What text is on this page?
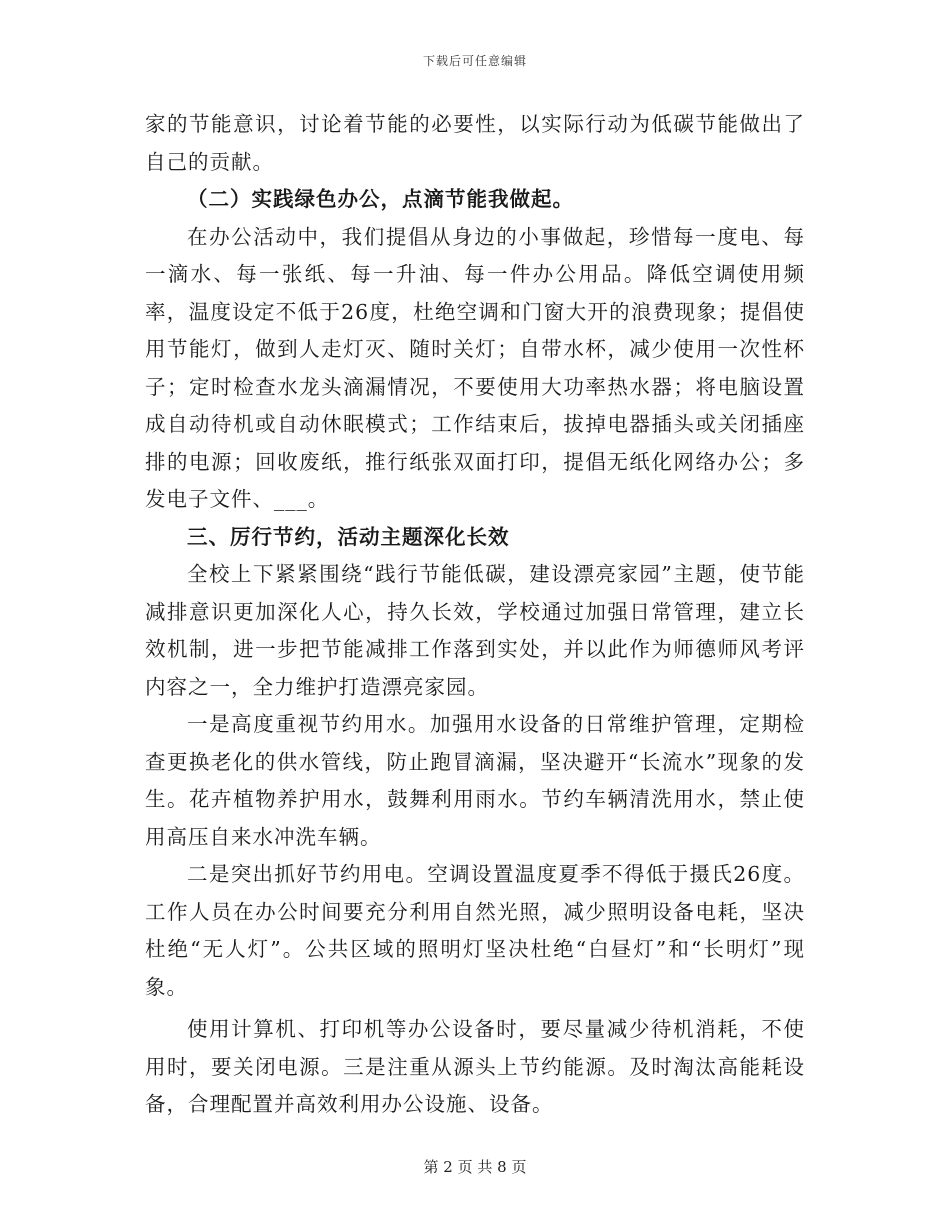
下载后可任意编辑

家的节能意识，讨论着节能的必要性，以实际行动为低碳节能做出了自己的贡献。

（二）实践绿色办公，点滴节能我做起。

在办公活动中，我们提倡从身边的小事做起，珍惜每一度电、每一滴水、每一张纸、每一升油、每一件办公用品。降低空调使用频率，温度设定不低于26度，杜绝空调和门窗大开的浪费现象；提倡使用节能灯，做到人走灯灭、随时关灯；自带水杯，减少使用一次性杯子；定时检查水龙头滴漏情况，不要使用大功率热水器；将电脑设置成自动待机或自动休眠模式；工作结束后，拔掉电器插头或关闭插座排的电源；回收废纸，推行纸张双面打印，提倡无纸化网络办公；多发电子文件、___。

三、厉行节约，活动主题深化长效

全校上下紧紧围绕“践行节能低碳，建设漂亮家园”主题，使节能减排意识更加深化人心，持久长效，学校通过加强日常管理，建立长效机制，进一步把节能减排工作落到实处，并以此作为师德师风考评内容之一，全力维护打造漂亮家园。

一是高度重视节约用水。加强用水设备的日常维护管理，定期检查更换老化的供水管线，防止跑冒滴漏，坚决避开“长流水”现象的发生。花卉植物养护用水，鼓舞利用雨水。节约车辆清洗用水，禁止使用高压自来水冲洗车辆。

二是突出抓好节约用电。空调设置温度夏季不得低于摄氏26度。工作人员在办公时间要充分利用自然光照，减少照明设备电耗，坚决杜绝“无人灯”。公共区域的照明灯坚决杜绝“白昼灯”和“长明灯”现象。

使用计算机、打印机等办公设备时，要尽量减少待机消耗，不使用时，要关闭电源。三是注重从源头上节约能源。及时淘汰高能耗设备，合理配置并高效利用办公设施、设备。

第 2 页 共 8 页
